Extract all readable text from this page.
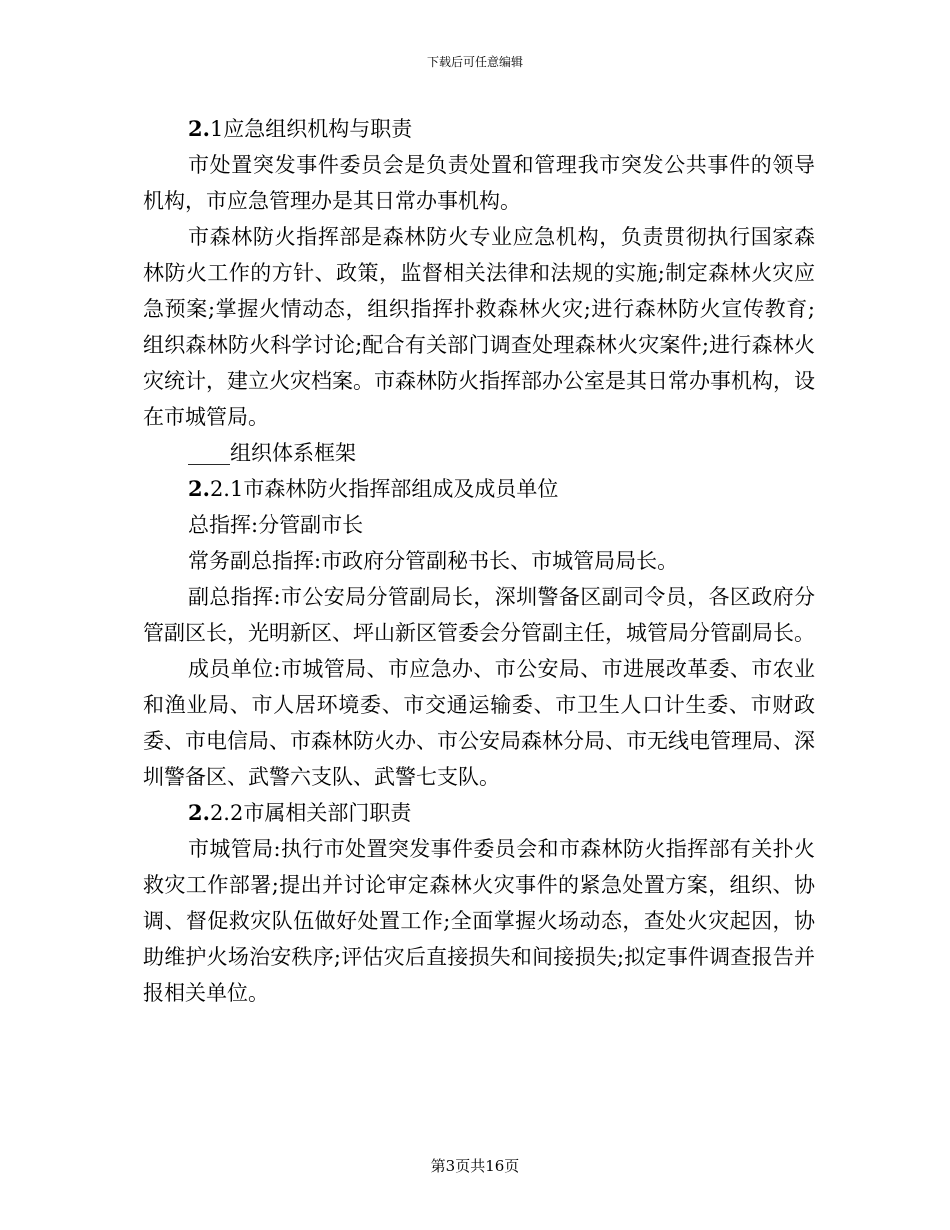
下载后可任意编辑

2.1应急组织机构与职责

市处置突发事件委员会是负责处置和管理我市突发公共事件的领导机构，市应急管理办是其日常办事机构。

市森林防火指挥部是森林防火专业应急机构，负责贯彻执行国家森林防火工作的方针、政策，监督相关法律和法规的实施;制定森林火灾应急预案;掌握火情动态，组织指挥扑救森林火灾;进行森林防火宣传教育;组织森林防火科学讨论;配合有关部门调查处理森林火灾案件;进行森林火灾统计，建立火灾档案。市森林防火指挥部办公室是其日常办事机构，设在市城管局。

____组织体系框架

2.2.1市森林防火指挥部组成及成员单位

总指挥:分管副市长

常务副总指挥:市政府分管副秘书长、市城管局局长。

副总指挥:市公安局分管副局长，深圳警备区副司令员，各区政府分管副区长，光明新区、坪山新区管委会分管副主任，城管局分管副局长。

成员单位:市城管局、市应急办、市公安局、市进展改革委、市农业和渔业局、市人居环境委、市交通运输委、市卫生人口计生委、市财政委、市电信局、市森林防火办、市公安局森林分局、市无线电管理局、深圳警备区、武警六支队、武警七支队。

2.2.2市属相关部门职责

市城管局:执行市处置突发事件委员会和市森林防火指挥部有关扑火救灾工作部署;提出并讨论审定森林火灾事件的紧急处置方案，组织、协调、督促救灾队伍做好处置工作;全面掌握火场动态，查处火灾起因，协助维护火场治安秩序;评估灾后直接损失和间接损失;拟定事件调查报告并报相关单位。

第3页共16页
